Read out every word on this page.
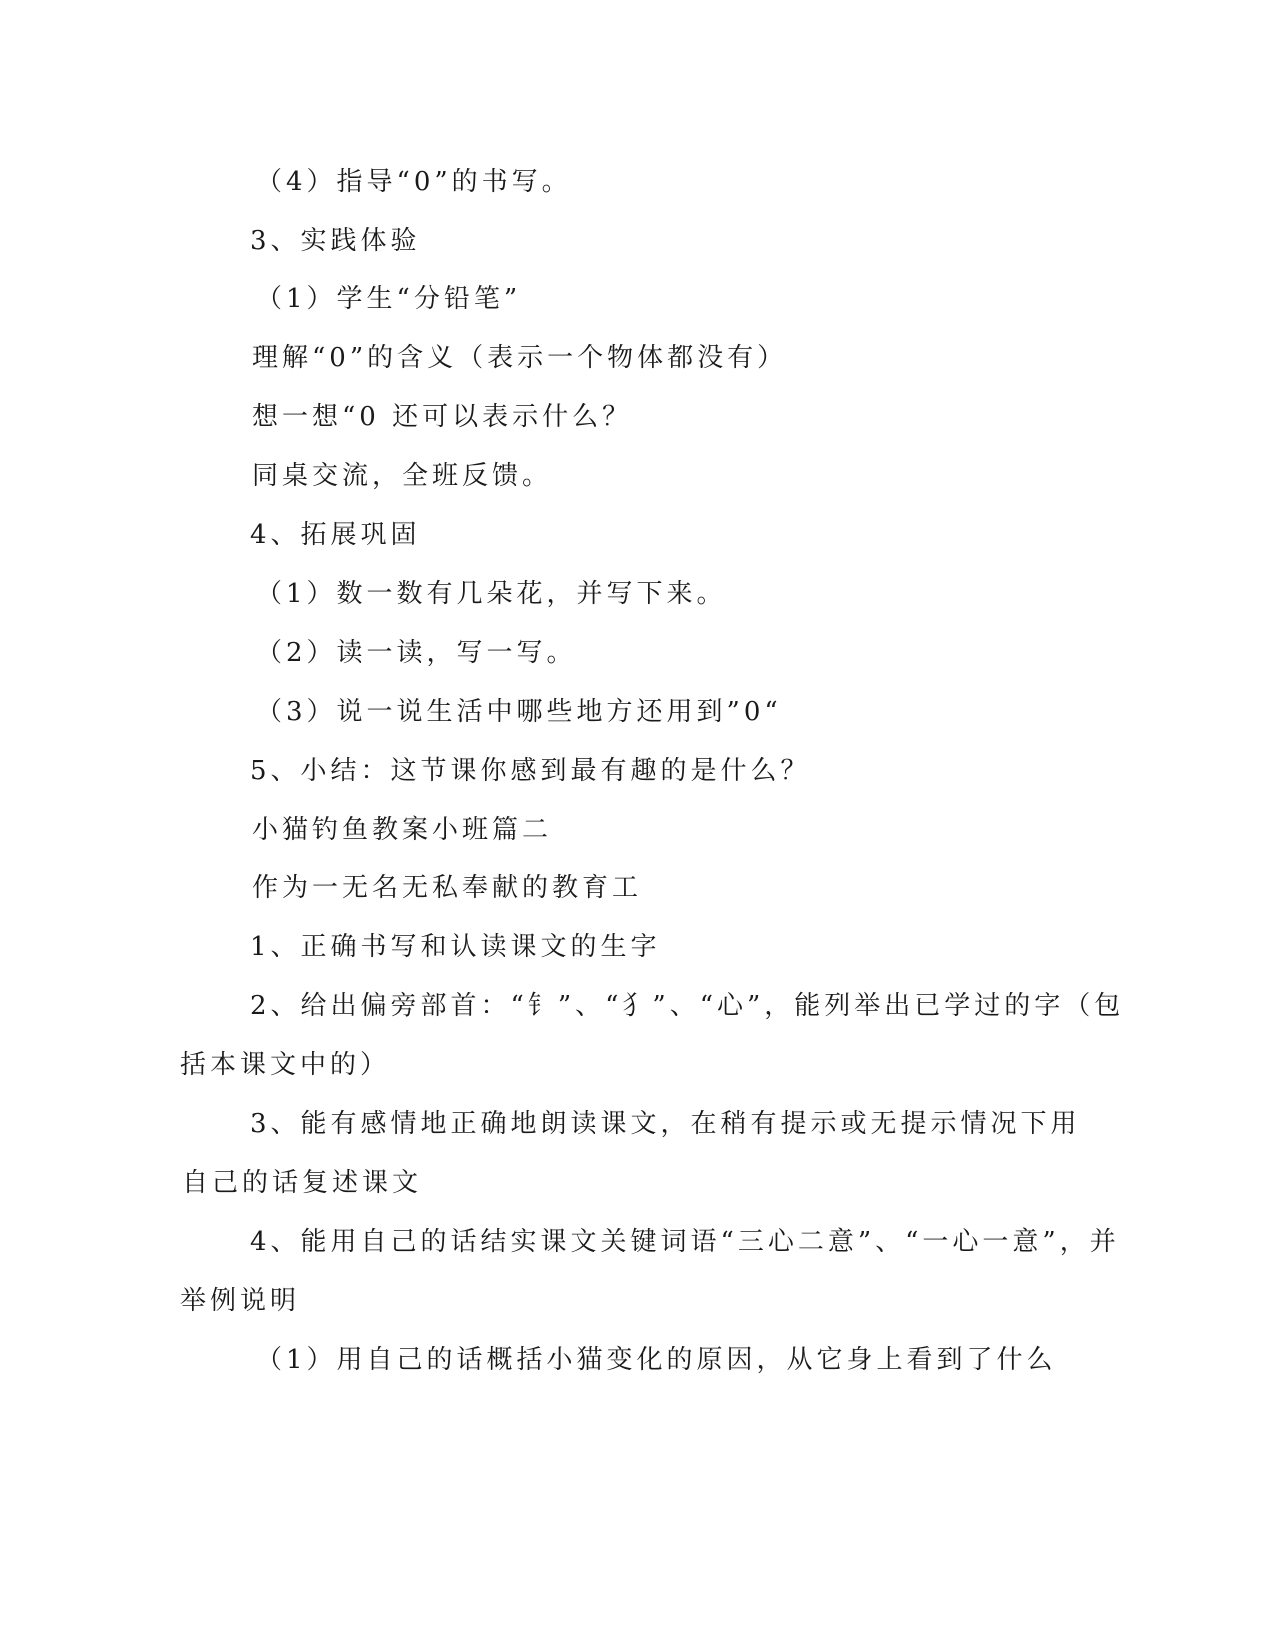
（4）指导“0”的书写。
3、实践体验
（1）学生“分铅笔”
理解“0”的含义（表示一个物体都没有）
想一想“0 还可以表示什么？
同桌交流，全班反馈。
4、拓展巩固
（1）数一数有几朵花，并写下来。
（2）读一读，写一写。
（3）说一说生活中哪些地方还用到”0“
5、小结：这节课你感到最有趣的是什么？
小猫钓鱼教案小班篇二
作为一无名无私奉献的教育工
1、正确书写和认读课文的生字
2、给出偏旁部首：“钅”、“犭”、“心”，能列举出已学过的字（包
括本课文中的）
3、能有感情地正确地朗读课文，在稍有提示或无提示情况下用
自己的话复述课文
4、能用自己的话结实课文关键词语“三心二意”、“一心一意”，并
举例说明
（1）用自己的话概括小猫变化的原因，从它身上看到了什么
